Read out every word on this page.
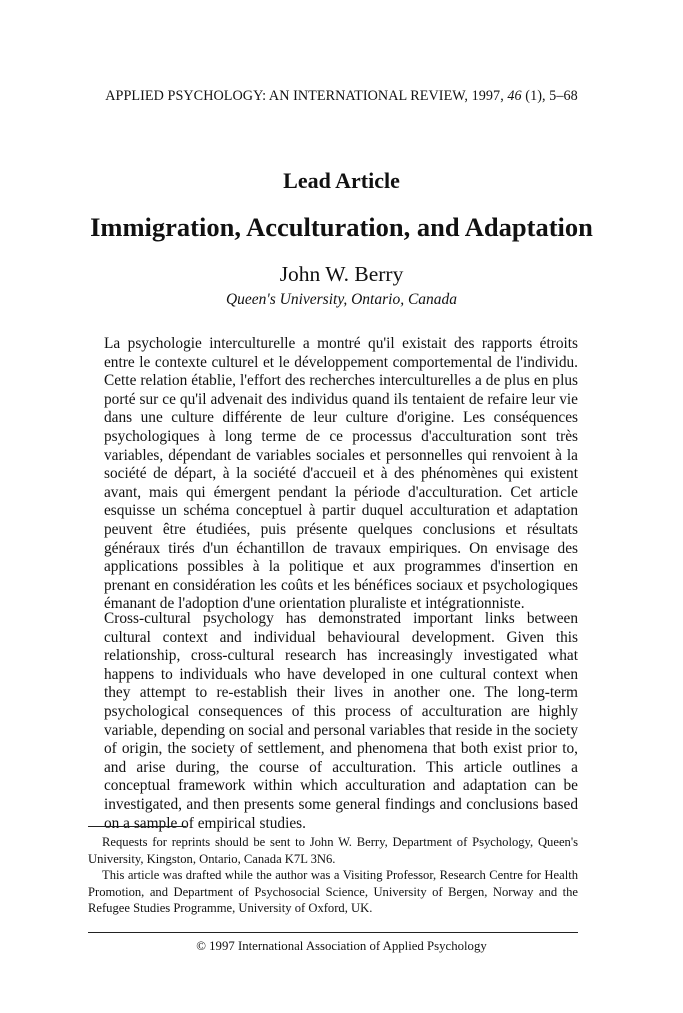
APPLIED PSYCHOLOGY: AN INTERNATIONAL REVIEW, 1997, 46 (1), 5–68
Lead Article
Immigration, Acculturation, and Adaptation
John W. Berry
Queen's University, Ontario, Canada

La psychologie interculturelle a montré qu'il existait des rapports étroits entre le contexte culturel et le développement comportemental de l'individu. Cette relation établie, l'effort des recherches interculturelles a de plus en plus porté sur ce qu'il advenait des individus quand ils tentaient de refaire leur vie dans une culture différente de leur culture d'origine. Les conséquences psychologiques à long terme de ce processus d'acculturation sont très variables, dépendant de variables sociales et personnelles qui renvoient à la société de départ, à la société d'accueil et à des phénomènes qui existent avant, mais qui émergent pendant la période d'acculturation. Cet article esquisse un schéma conceptuel à partir duquel acculturation et adaptation peuvent être étudiées, puis présente quelques conclusions et résultats généraux tirés d'un échantillon de travaux empiriques. On envisage des applications possibles à la politique et aux programmes d'insertion en prenant en considération les coûts et les bénéfices sociaux et psychologiques émanant de l'adoption d'une orientation pluraliste et intégrationniste.

Cross-cultural psychology has demonstrated important links between cultural context and individual behavioural development. Given this relationship, cross-cultural research has increasingly investigated what happens to individuals who have developed in one cultural context when they attempt to re-establish their lives in another one. The long-term psychological consequences of this process of acculturation are highly variable, depending on social and personal variables that reside in the society of origin, the society of settlement, and phenomena that both exist prior to, and arise during, the course of acculturation. This article outlines a conceptual framework within which acculturation and adaptation can be investigated, and then presents some general findings and conclusions based on a sample of empirical studies.

Requests for reprints should be sent to John W. Berry, Department of Psychology, Queen's University, Kingston, Ontario, Canada K7L 3N6.

This article was drafted while the author was a Visiting Professor, Research Centre for Health Promotion, and Department of Psychosocial Science, University of Bergen, Norway and the Refugee Studies Programme, University of Oxford, UK.

© 1997 International Association of Applied Psychology
